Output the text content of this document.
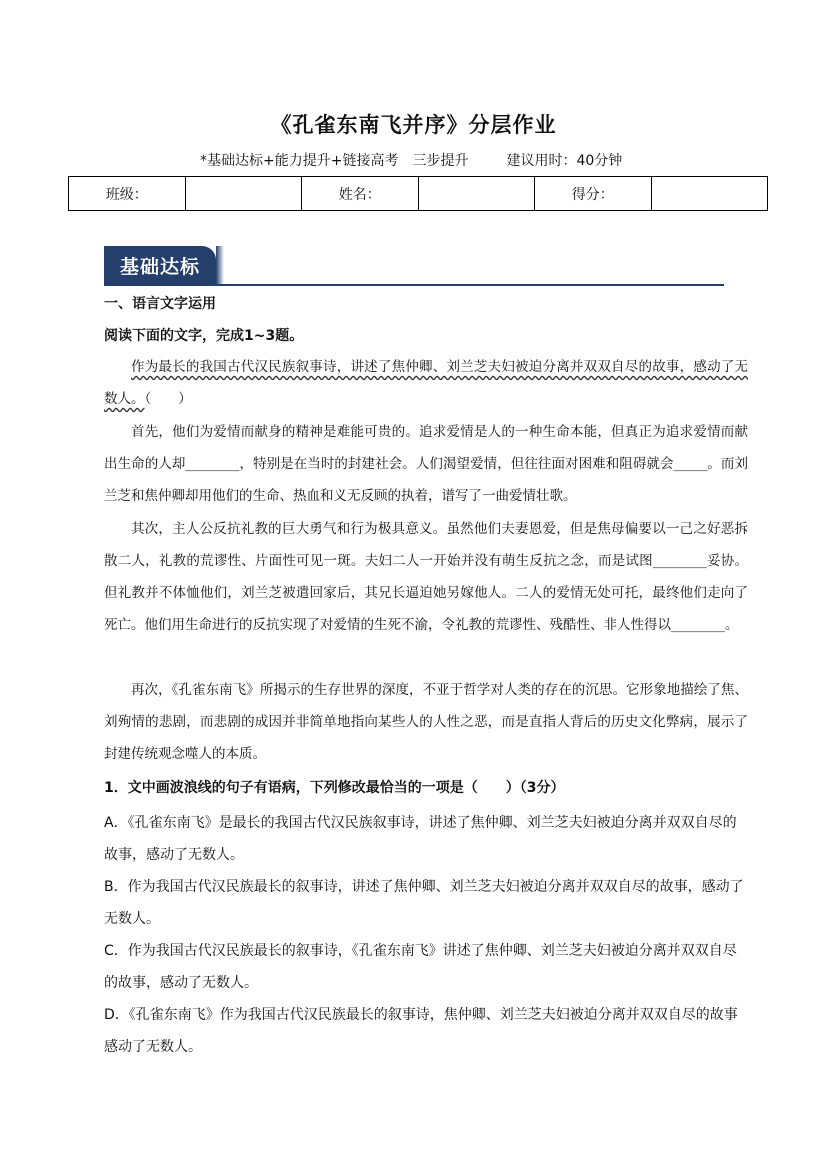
《孔雀东南飞并序》分层作业
*基础达标+能力提升+链接高考　三步提升	建议用时：40分钟
班级：		姓名：		得分：	
基础达标
一、语言文字运用
阅读下面的文字，完成1~3题。
作为最长的我国古代汉民族叙事诗，讲述了焦仲卿、刘兰芝夫妇被迫分离并双双自尽的故事，感动了无数人。（　　）
首先，他们为爱情而献身的精神是难能可贵的。追求爱情是人的一种生命本能，但真正为追求爱情而献出生命的人却________，特别是在当时的封建社会。人们渴望爱情，但往往面对困难和阻碍就会_____。而刘兰芝和焦仲卿却用他们的生命、热血和义无反顾的执着，谱写了一曲爱情壮歌。
其次，主人公反抗礼教的巨大勇气和行为极具意义。虽然他们夫妻恩爱，但是焦母偏要以一己之好恶拆散二人，礼教的荒谬性、片面性可见一斑。夫妇二人一开始并没有萌生反抗之念，而是试图________妥协。但礼教并不体恤他们，刘兰芝被遣回家后，其兄长逼迫她另嫁他人。二人的爱情无处可托，最终他们走向了死亡。他们用生命进行的反抗实现了对爱情的生死不渝，令礼教的荒谬性、残酷性、非人性得以________。
再次，《孔雀东南飞》所揭示的生存世界的深度，不亚于哲学对人类的存在的沉思。它形象地描绘了焦、刘殉情的悲剧，而悲剧的成因并非简单地指向某些人的人性之恶，而是直指人背后的历史文化弊病，展示了封建传统观念噬人的本质。
1．文中画波浪线的句子有语病，下列修改最恰当的一项是（　　）（3分）
A．《孔雀东南飞》是最长的我国古代汉民族叙事诗，讲述了焦仲卿、刘兰芝夫妇被迫分离并双双自尽的故事，感动了无数人。
B．作为我国古代汉民族最长的叙事诗，讲述了焦仲卿、刘兰芝夫妇被迫分离并双双自尽的故事，感动了无数人。
C．作为我国古代汉民族最长的叙事诗，《孔雀东南飞》讲述了焦仲卿、刘兰芝夫妇被迫分离并双双自尽的故事，感动了无数人。
D．《孔雀东南飞》作为我国古代汉民族最长的叙事诗，焦仲卿、刘兰芝夫妇被迫分离并双双自尽的故事感动了无数人。
